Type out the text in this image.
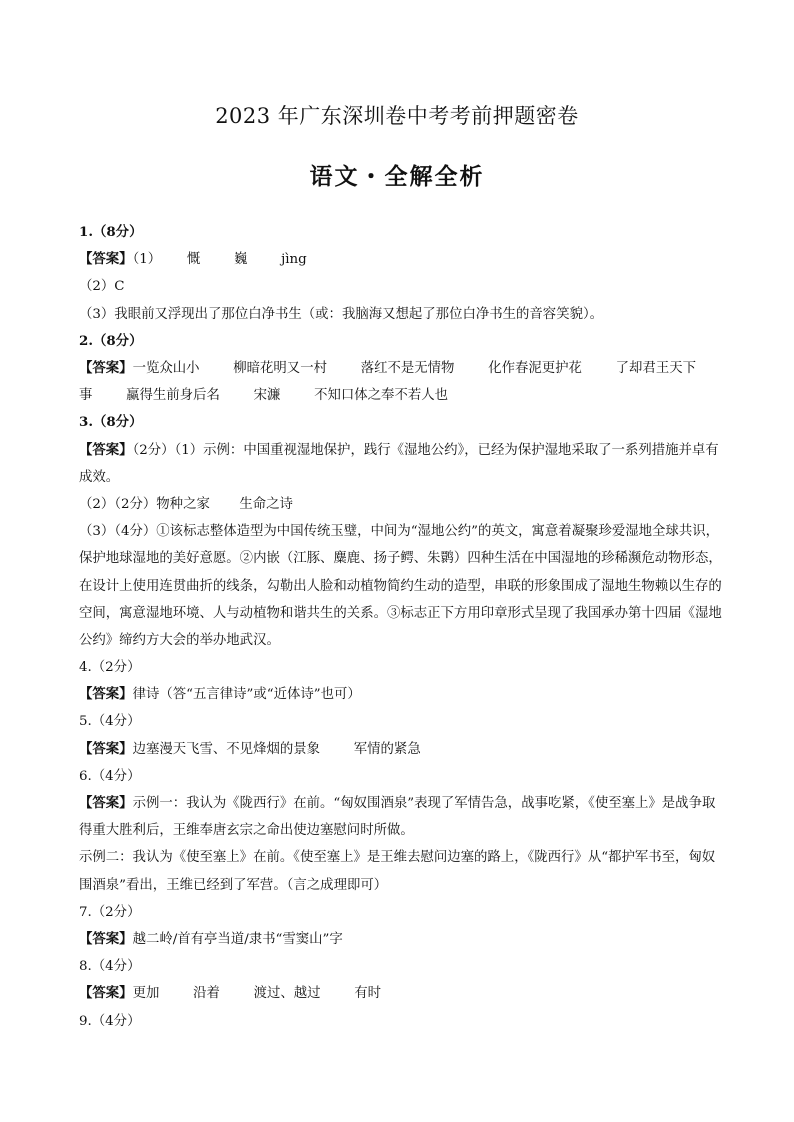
2023 年广东深圳卷中考考前押题密卷
语文・全解全析
1.（8分）
【答案】（1） 慨	巍	jìng
（2）C
（3）我眼前又浮现出了那位白净书生（或：我脑海又想起了那位白净书生的音容笑貌）。
2.（8分）
【答案】一览众山小	柳暗花明又一村	落红不是无情物	化作春泥更护花	了却君王天下
事	赢得生前身后名	宋濂	不知口体之奉不若人也
3.（8分）
【答案】（2分）（1）示例：中国重视湿地保护，践行《湿地公约》，已经为保护湿地采取了一系列措施并卓有成效。
（2）（2分）物种之家 生命之诗
（3）（4分）①该标志整体造型为中国传统玉璧，中间为“湿地公约”的英文，寓意着凝聚珍爱湿地全球共识，保护地球湿地的美好意愿。②内嵌（江豚、麋鹿、扬子鳄、朱鹮）四种生活在中国湿地的珍稀濒危动物形态，在设计上使用连贯曲折的线条，勾勒出人脸和动植物简约生动的造型，串联的形象围成了湿地生物赖以生存的空间，寓意湿地环境、人与动植物和谐共生的关系。③标志正下方用印章形式呈现了我国承办第十四届《湿地公约》缔约方大会的举办地武汉。
4.（2分）
【答案】律诗（答“五言律诗”或“近体诗”也可）
5.（4分）
【答案】边塞漫天飞雪、不见烽烟的景象	军情的紧急
6.（4分）
【答案】示例一：我认为《陇西行》在前。“匈奴围酒泉”表现了军情告急，战事吃紧，《使至塞上》是战争取得重大胜利后，王维奉唐玄宗之命出使边塞慰问时所做。
示例二：我认为《使至塞上》在前。《使至塞上》是王维去慰问边塞的路上，《陇西行》从“都护军书至，匈奴围酒泉”看出，王维已经到了军营。（言之成理即可）
7.（2分）
【答案】越二岭/首有亭当道/隶书“雪窦山”字
8.（4分）
【答案】更加	沿着	渡过、越过	有时
9.（4分）
